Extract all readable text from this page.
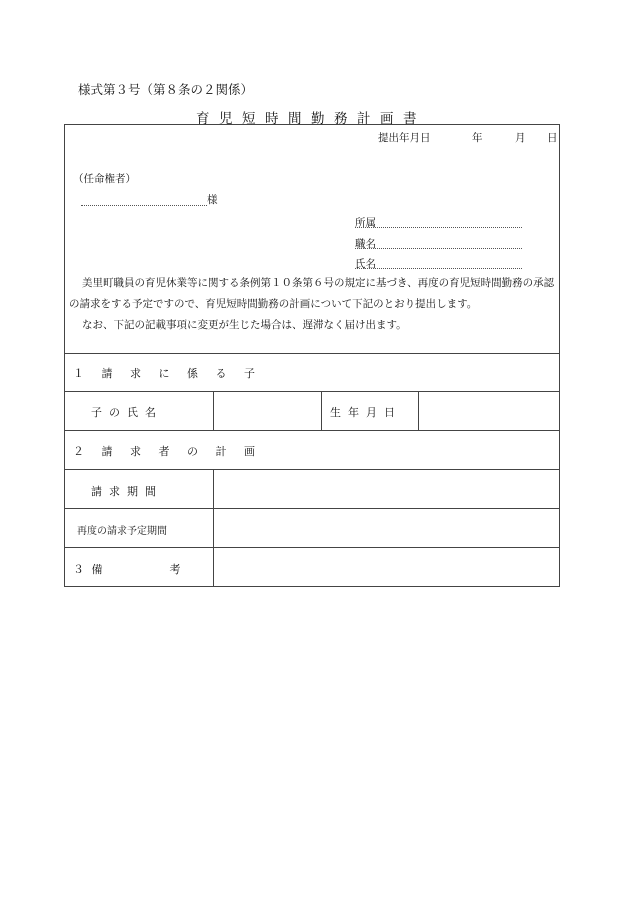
様式第３号（第８条の２関係）
育児短時間勤務計画書
提出年月日	年	月 日
（任命権者）
様
所属
職名
氏名
美里町職員の育児休業等に関する条例第１０条第６号の規定に基づき、再度の育児短時間勤務の承認
の請求をする予定ですので、育児短時間勤務の計画について下記のとおり提出します。
なお、下記の記載事項に変更が生じた場合は、遅滞なく届け出ます。
１ 請 求 に 係 る 子
子の氏名	生年月日
２ 請 求 者 の 計 画
請求期間
再度の請求予定期間
３ 備　　　　　考
